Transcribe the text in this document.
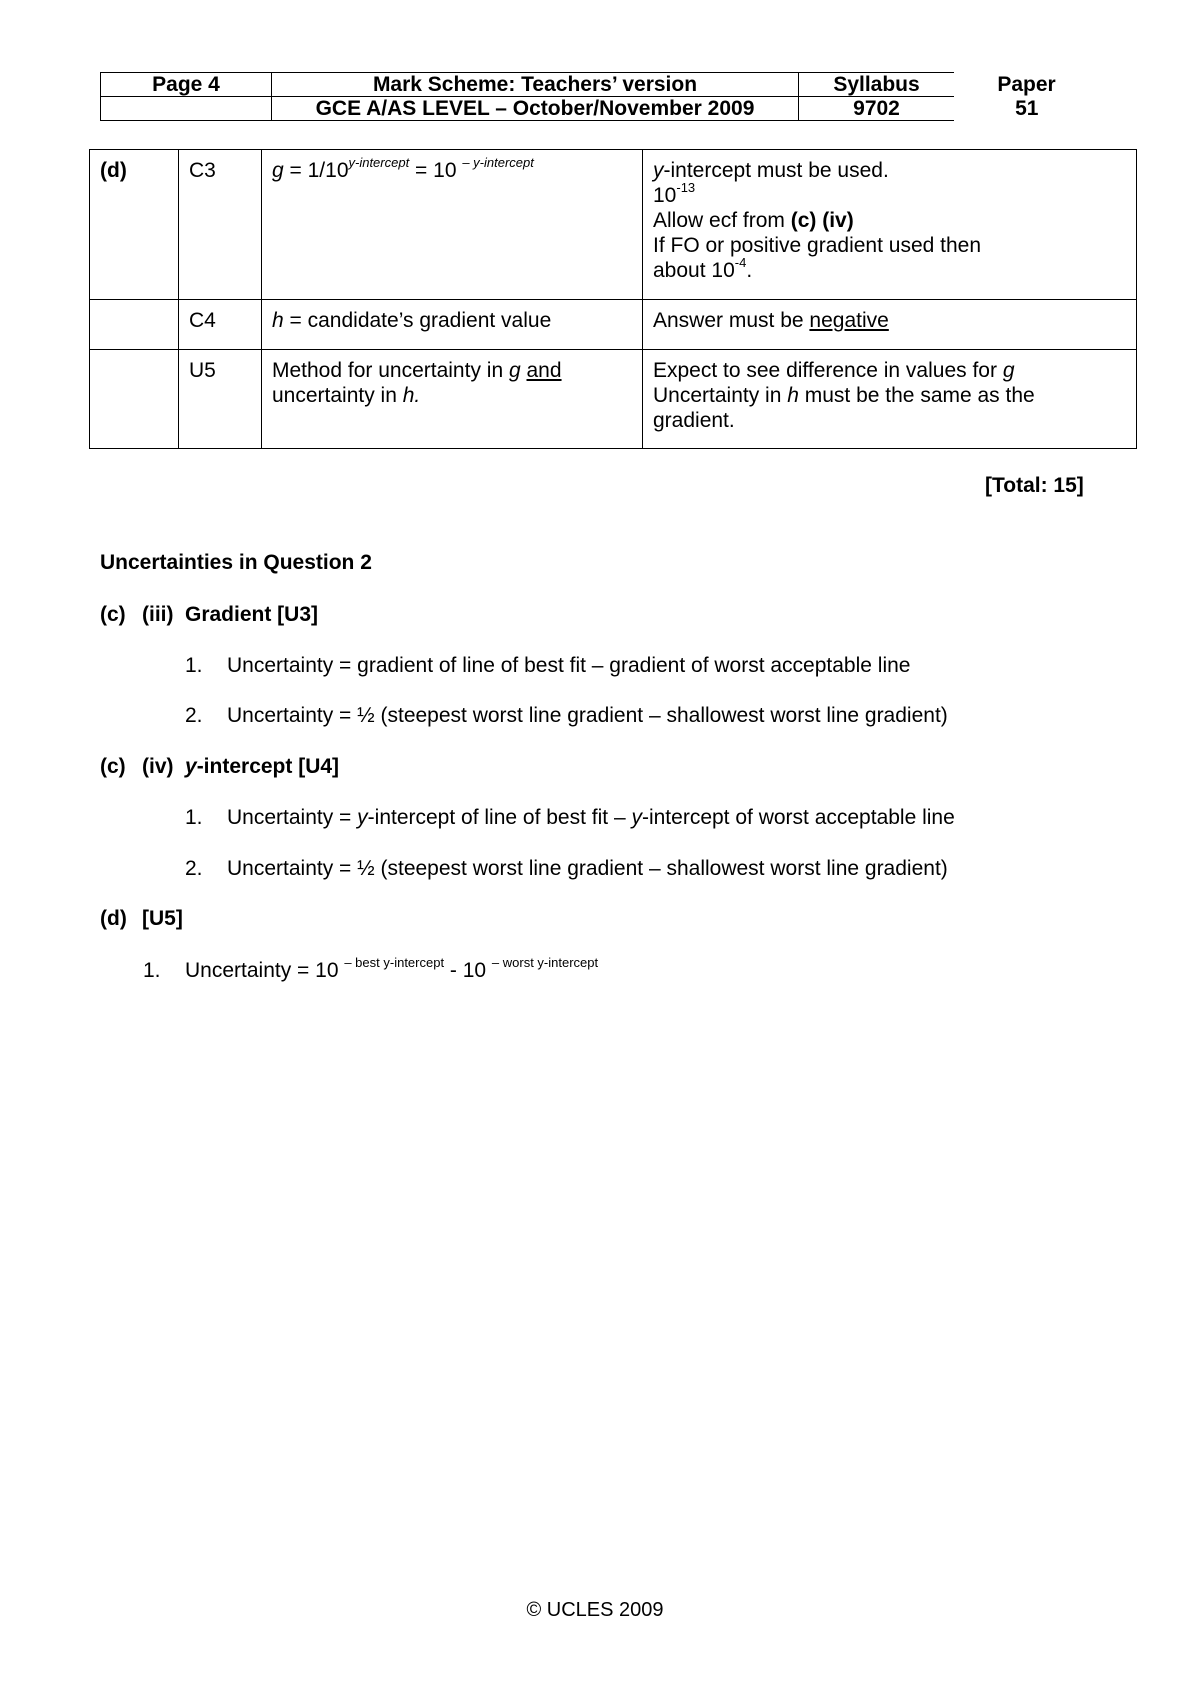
Page 4	Mark Scheme: Teachers’ version	Syllabus	Paper
	GCE A/AS LEVEL – October/November 2009	9702	51
(d)	C3	$g = 1/10^{y-intercept} = 10$ $^{- y-intercept}$	y-intercept must be used.
$10^{-13}$
Allow ecf from (c) (iv)
If FO or positive gradient used then
about $10^{-4}$.
	C4	h = candidate’s gradient value	Answer must be negative
	U5	Method for uncertainty in g and
uncertainty in h.	Expect to see difference in values for g
Uncertainty in h must be the same as the
gradient.
[Total: 15]
Uncertainties in Question 2
(c) (iii) Gradient [U3]
1. Uncertainty = gradient of line of best fit – gradient of worst acceptable line
2. Uncertainty = ½ (steepest worst line gradient – shallowest worst line gradient)
(c) (iv) y-intercept [U4]
1. Uncertainty = y-intercept of line of best fit – y-intercept of worst acceptable line
2. Uncertainty = ½ (steepest worst line gradient – shallowest worst line gradient)
(d) [U5]
1. Uncertainty = 10 $^{- best y-intercept}$ - 10 $^{- worst y-intercept}$
© UCLES 2009
